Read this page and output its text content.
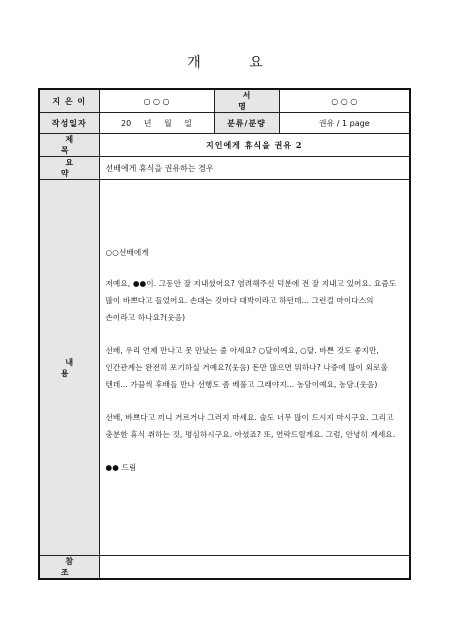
개 요
지 은 이	○ ○ ○	서 명	○ ○ ○
작성일자	20 년 월 일	분류/분량	권유 / 1 page
제 목	지인에게 휴식을 권유 2		
요 약	선배에게 휴식을 권유하는 경우		
내 용	○○선배에게

저예요, ●●이. 그동안 잘 지내셨어요? 염려해주신 덕분에 전 잘 지내고 있어요. 요즘도 많이 바쁘다고 들었어요. 손대는 것마다 대박이라고 하던데... 그런걸 마이다스의 손이라고 하나요?(웃음)

선배, 우리 언제 만나고 못 만났는 줄 아세요? ○달이예요, ○달. 바쁜 것도 좋지만, 인간관계는 완전히 포기하실 거예요?(웃음) 돈만 많으면 뭐하나? 나중에 많이 외로울 텐데... 가끔씩 후배들 만나 선행도 좀 베풀고 그래야지... 농담이예요, 농담.(웃음)

선배, 바쁘다고 끼니 거르거나 그러지 마세요. 술도 너무 많이 드시지 마시구요. 그리고 충분한 휴식 취하는 것, 명심하시구요. 아셨죠? 또, 연락드릴게요. 그럼, 안녕히 계세요.

●● 드림		

참 조			
